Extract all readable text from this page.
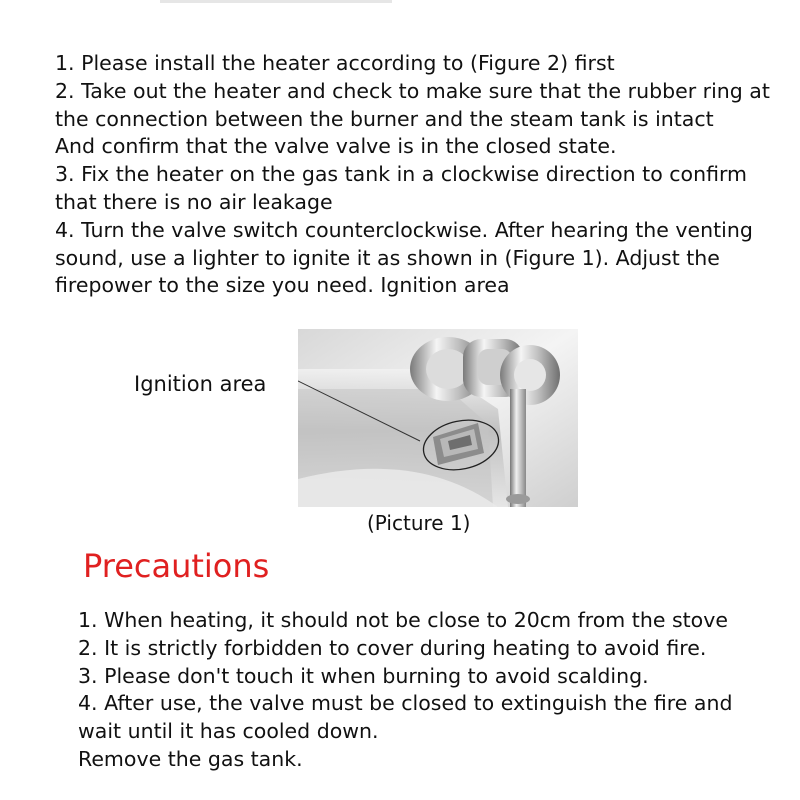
1. Please install the heater according to (Figure 2) first
2. Take out the heater and check to make sure that the rubber ring at the connection between the burner and the steam tank is intact
And confirm that the valve valve is in the closed state.
3. Fix the heater on the gas tank in a clockwise direction to confirm that there is no air leakage
4. Turn the valve switch counterclockwise. After hearing the venting sound, use a lighter to ignite it as shown in (Figure 1). Adjust the firepower to the size you need. Ignition area
Ignition area
(Picture 1)
Precautions
1. When heating, it should not be close to 20cm from the stove
2. It is strictly forbidden to cover during heating to avoid fire.
3. Please don't touch it when burning to avoid scalding.
4. After use, the valve must be closed to extinguish the fire and wait until it has cooled down.
Remove the gas tank.
